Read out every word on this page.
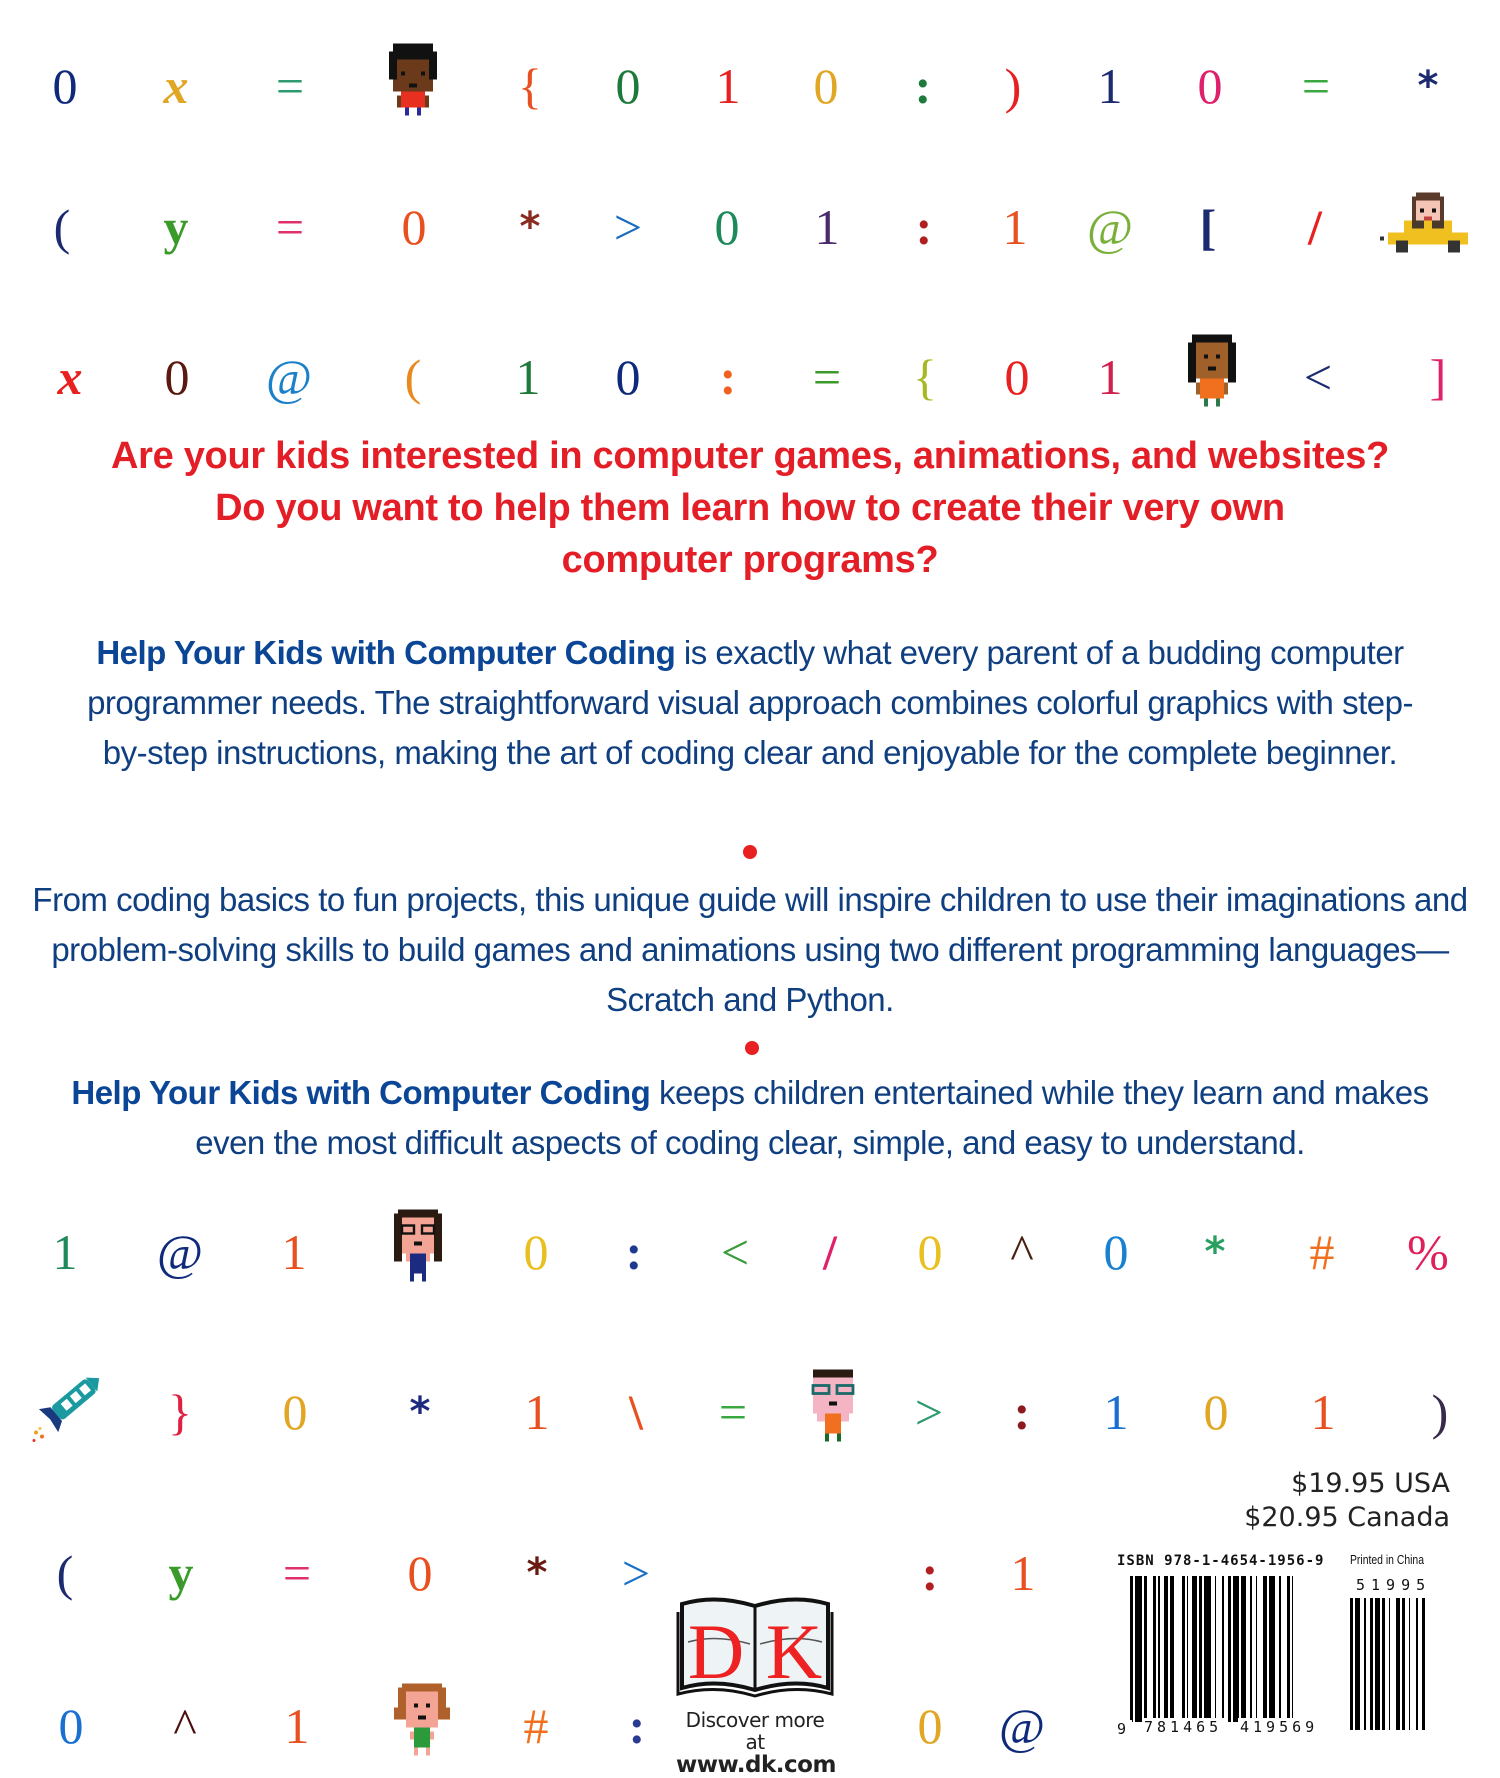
0 x =	{ 0 1 0 : ) 1 0 = *
( y = 0 * > 0 1 : 1 @ [ /
x 0 @ ( 1 0 : = { 0 1	< ]
1 @ 1	0 : < / 0 ^ 0 * # %
} 0	* 1 \ =	> : 1 0 1 )
( y = 0 * >	: 1
0 ^ 1	# :	0 @
Are your kids interested in computer games, animations, and websites?
Do you want to help them learn how to create their very own
computer programs?
Help Your Kids with Computer Coding is exactly what every parent of a budding computer programmer needs. The straightforward visual approach combines colorful graphics with step-by-step instructions, making the art of coding clear and enjoyable for the complete beginner.
From coding basics to fun projects, this unique guide will inspire children to use their imaginations and problem-solving skills to build games and animations using two different programming languages—Scratch and Python.
Help Your Kids with Computer Coding keeps children entertained while they learn and makes even the most difficult aspects of coding clear, simple, and easy to understand.
D K
Discover more at
www.dk.com
$19.95 USA
$20.95 Canada
ISBN 978-1-4654-1956-9 Printed in China
9 781465 419569
51995
